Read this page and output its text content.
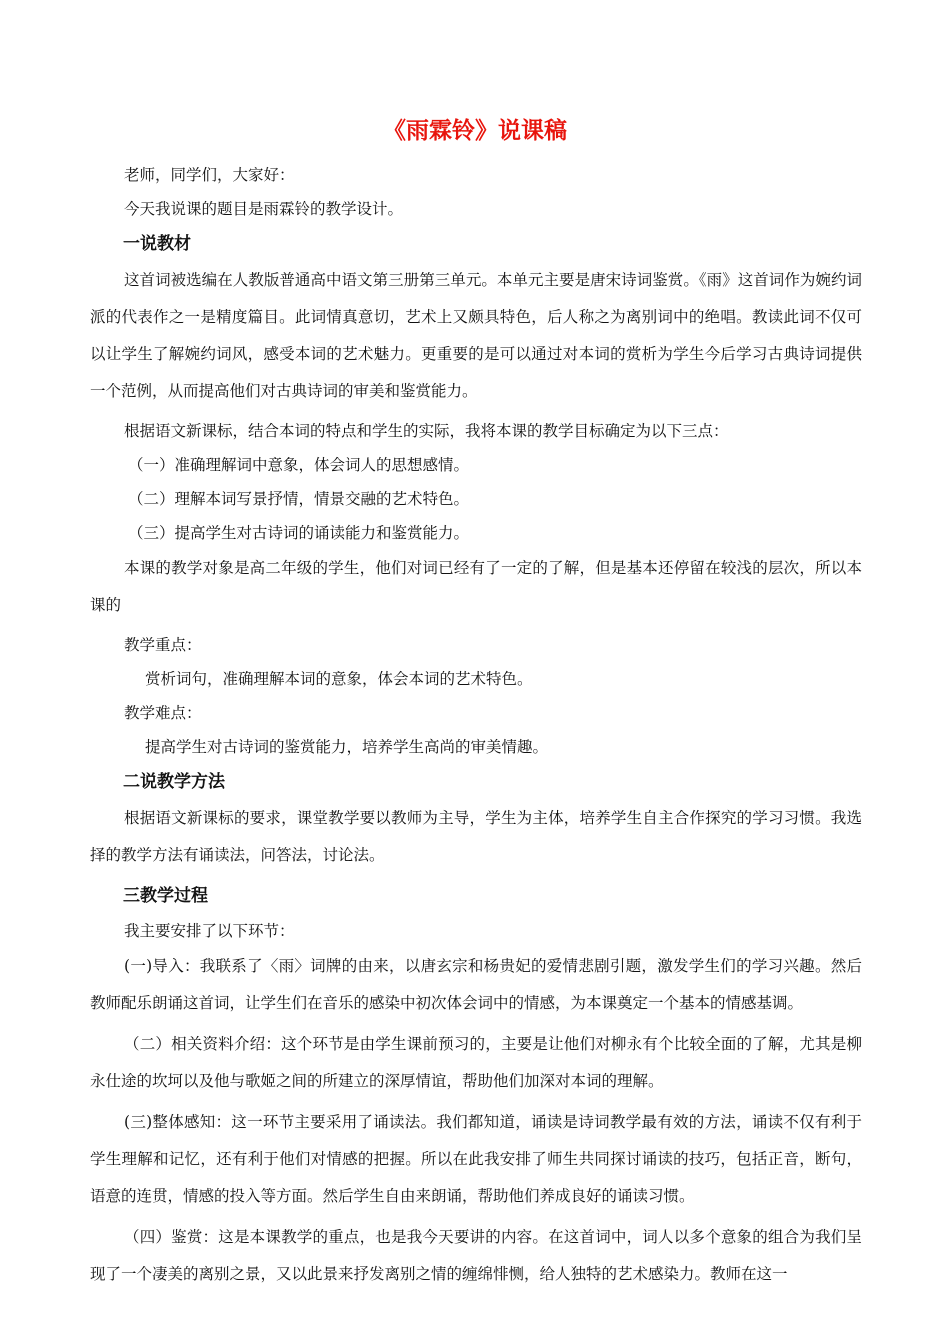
《雨霖铃》说课稿

老师，同学们，大家好：

今天我说课的题目是雨霖铃的教学设计。

一说教材

这首词被选编在人教版普通高中语文第三册第三单元。本单元主要是唐宋诗词鉴赏。《雨》这首词作为婉约词派的代表作之一是精度篇目。此词情真意切，艺术上又颇具特色，后人称之为离别词中的绝唱。教读此词不仅可以让学生了解婉约词风，感受本词的艺术魅力。更重要的是可以通过对本词的赏析为学生今后学习古典诗词提供一个范例，从而提高他们对古典诗词的审美和鉴赏能力。

根据语文新课标，结合本词的特点和学生的实际，我将本课的教学目标确定为以下三点：

（一）准确理解词中意象，体会词人的思想感情。

（二）理解本词写景抒情，情景交融的艺术特色。

（三）提高学生对古诗词的诵读能力和鉴赏能力。

本课的教学对象是高二年级的学生，他们对词已经有了一定的了解，但是基本还停留在较浅的层次，所以本课的

教学重点：

赏析词句，准确理解本词的意象，体会本词的艺术特色。

教学难点：

提高学生对古诗词的鉴赏能力，培养学生高尚的审美情趣。

二说教学方法

根据语文新课标的要求，课堂教学要以教师为主导，学生为主体，培养学生自主合作探究的学习习惯。我选择的教学方法有诵读法，问答法，讨论法。

三教学过程

我主要安排了以下环节：

(一)导入：我联系了〈雨〉词牌的由来，以唐玄宗和杨贵妃的爱情悲剧引题，激发学生们的学习兴趣。然后教师配乐朗诵这首词，让学生们在音乐的感染中初次体会词中的情感，为本课奠定一个基本的情感基调。

（二）相关资料介绍：这个环节是由学生课前预习的，主要是让他们对柳永有个比较全面的了解，尤其是柳永仕途的坎坷以及他与歌姬之间的所建立的深厚情谊，帮助他们加深对本词的理解。

(三)整体感知：这一环节主要采用了诵读法。我们都知道，诵读是诗词教学最有效的方法，诵读不仅有利于学生理解和记忆，还有利于他们对情感的把握。所以在此我安排了师生共同探讨诵读的技巧，包括正音，断句，语意的连贯，情感的投入等方面。然后学生自由来朗诵，帮助他们养成良好的诵读习惯。

（四）鉴赏：这是本课教学的重点，也是我今天要讲的内容。在这首词中，词人以多个意象的组合为我们呈现了一个凄美的离别之景，又以此景来抒发离别之情的缠绵悱恻，给人独特的艺术感染力。教师在这一
